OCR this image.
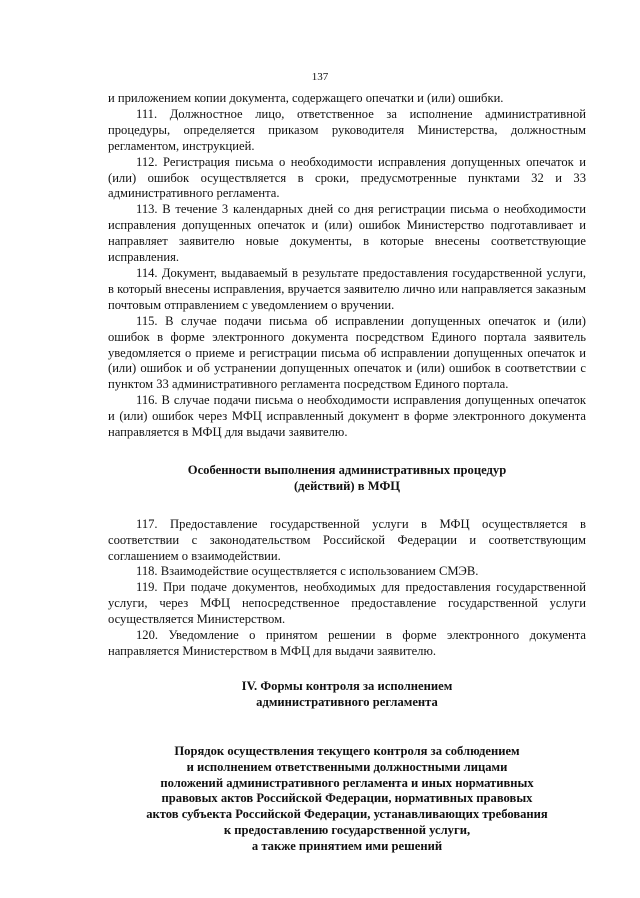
137

и приложением копии документа, содержащего опечатки и (или) ошибки.

111. Должностное лицо, ответственное за исполнение административной процедуры, определяется приказом руководителя Министерства, должностным регламентом, инструкцией.

112. Регистрация письма о необходимости исправления допущенных опечаток и (или) ошибок осуществляется в сроки, предусмотренные пунктами 32 и 33 административного регламента.

113. В течение 3 календарных дней со дня регистрации письма о необходимости исправления допущенных опечаток и (или) ошибок Министерство подготавливает и направляет заявителю новые документы, в которые внесены соответствующие исправления.

114. Документ, выдаваемый в результате предоставления государственной услуги, в который внесены исправления, вручается заявителю лично или направляется заказным почтовым отправлением с уведомлением о вручении.

115. В случае подачи письма об исправлении допущенных опечаток и (или) ошибок в форме электронного документа посредством Единого портала заявитель уведомляется о приеме и регистрации письма об исправлении допущенных опечаток и (или) ошибок и об устранении допущенных опечаток и (или) ошибок в соответствии с пунктом 33 административного регламента посредством Единого портала.

116. В случае подачи письма о необходимости исправления допущенных опечаток и (или) ошибок через МФЦ исправленный документ в форме электронного документа направляется в МФЦ для выдачи заявителю.

Особенности выполнения административных процедур
(действий) в МФЦ

117. Предоставление государственной услуги в МФЦ осуществляется в соответствии с законодательством Российской Федерации и соответствующим соглашением о взаимодействии.

118. Взаимодействие осуществляется с использованием СМЭВ.

119. При подаче документов, необходимых для предоставления государственной услуги, через МФЦ непосредственное предоставление государственной услуги осуществляется Министерством.

120. Уведомление о принятом решении в форме электронного документа направляется Министерством в МФЦ для выдачи заявителю.

IV. Формы контроля за исполнением
административного регламента
Порядок осуществления текущего контроля за соблюдением
и исполнением ответственными должностными лицами
положений административного регламента и иных нормативных
правовых актов Российской Федерации, нормативных правовых
актов субъекта Российской Федерации, устанавливающих требования
к предоставлению государственной услуги,
а также принятием ими решений
